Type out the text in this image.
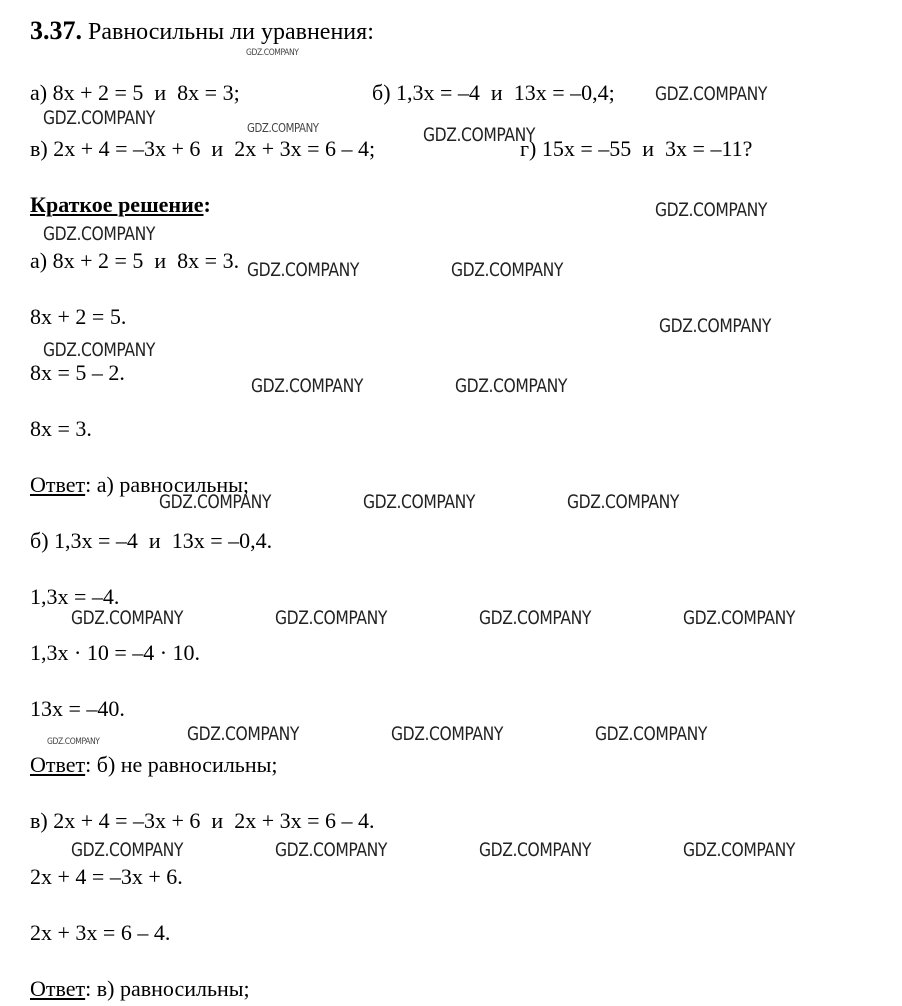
3.37. Равносильны ли уравнения:
а) 8x + 2 = 5  и  8x = 3;	б) 1,3x = –4  и  13x = –0,4;
в) 2x + 4 = –3x + 6  и  2x + 3x = 6 – 4;	г) 15x = –55  и  3x = –11?
Краткое решение:
а) 8x + 2 = 5  и  8x = 3.
8x + 2 = 5.
8x = 5 – 2.
8x = 3.
Ответ: а) равносильны;
б) 1,3x = –4  и  13x = –0,4.
1,3x = –4.
1,3x · 10 = –4 · 10.
13x = –40.
Ответ: б) не равносильны;
в) 2x + 4 = –3x + 6  и  2x + 3x = 6 – 4.
2x + 4 = –3x + 6.
2x + 3x = 6 – 4.
Ответ: в) равносильны;
GDZ.COMPANY
GDZ.COMPANY
GDZ.COMPANY	GDZ.COMPANY	GDZ.COMPANY
GDZ.COMPANY
GDZ.COMPANY
GDZ.COMPANY	GDZ.COMPANY
GDZ.COMPANY
GDZ.COMPANY
GDZ.COMPANY	GDZ.COMPANY
GDZ.COMPANY	GDZ.COMPANY	GDZ.COMPANY
GDZ.COMPANY	GDZ.COMPANY	GDZ.COMPANY	GDZ.COMPANY
GDZ.COMPANY	GDZ.COMPANY	GDZ.COMPANY	GDZ.COMPANY
GDZ.COMPANY	GDZ.COMPANY	GDZ.COMPANY	GDZ.COMPANY
